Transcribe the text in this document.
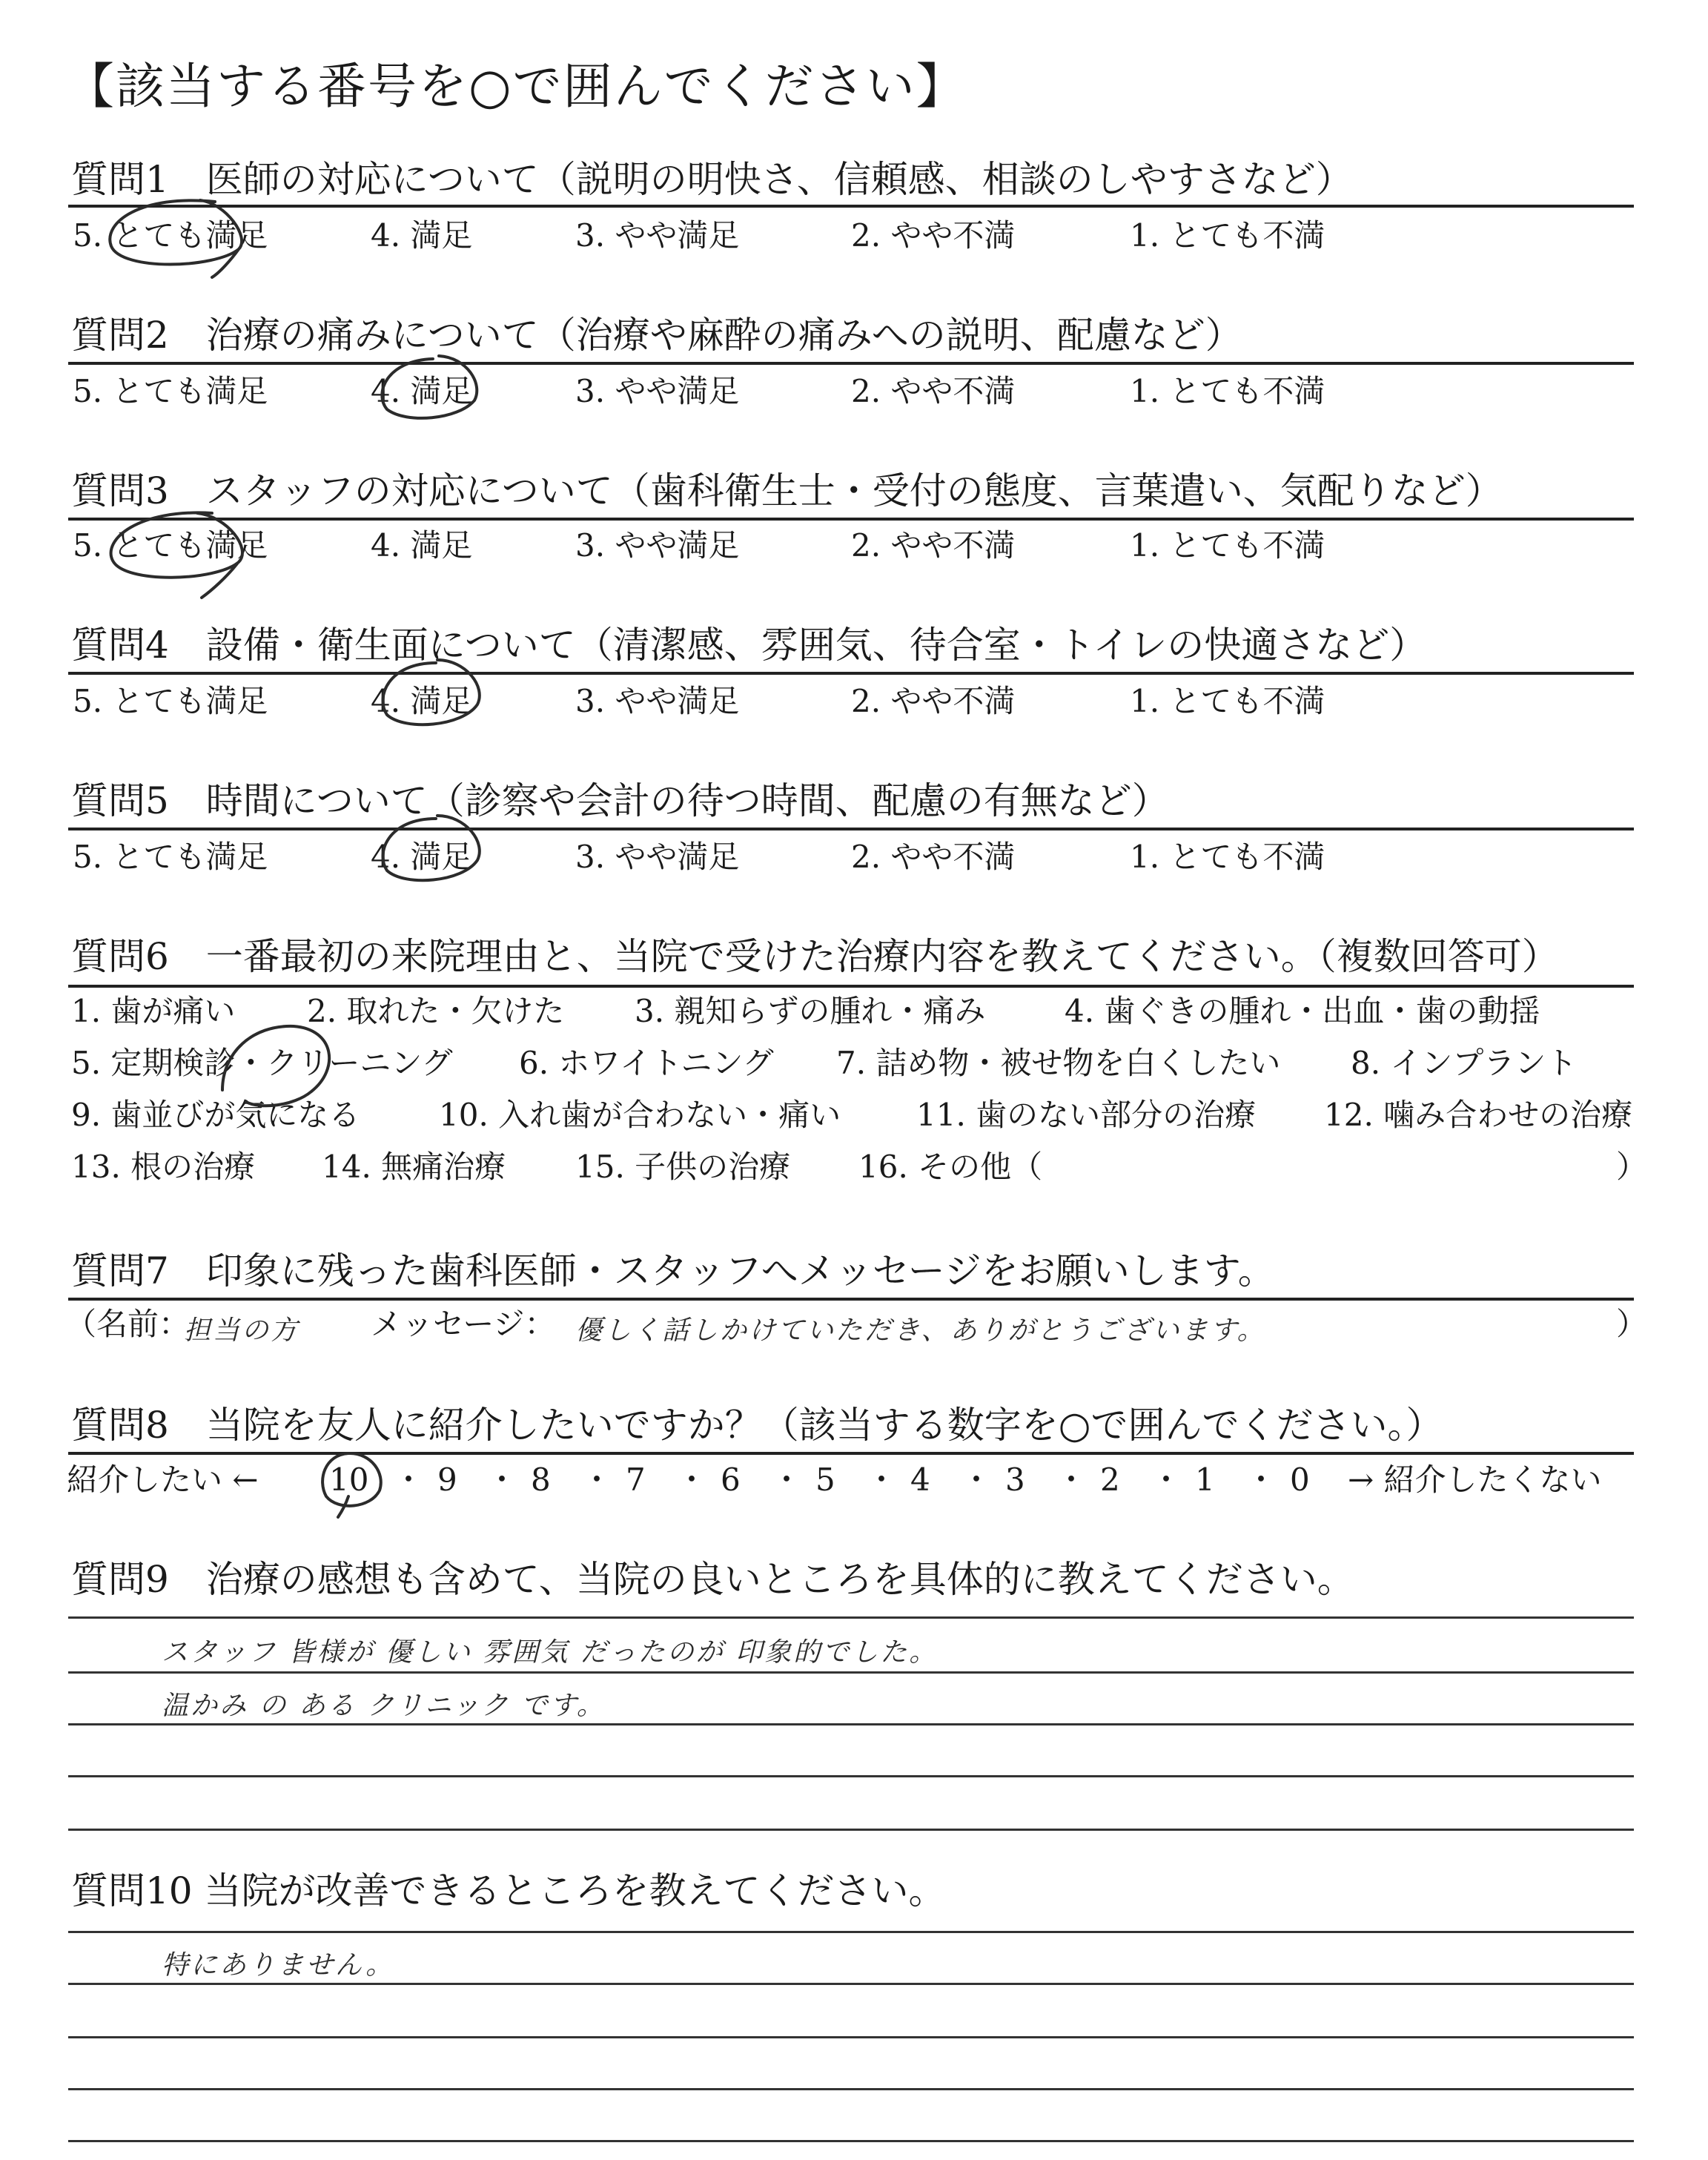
【該当する番号を○で囲んでください】
質問1　医師の対応について（説明の明快さ、信頼感、相談のしやすさなど）
5. とても満足	4. 満足	3. やや満足	2. やや不満	1. とても不満
質問2　治療の痛みについて（治療や麻酔の痛みへの説明、配慮など）
5. とても満足	4. 満足	3. やや満足	2. やや不満	1. とても不満
質問3　スタッフの対応について（歯科衛生士・受付の態度、言葉遣い、気配りなど）
5. とても満足	4. 満足	3. やや満足	2. やや不満	1. とても不満
質問4　設備・衛生面について（清潔感、雰囲気、待合室・トイレの快適さなど）
5. とても満足	4. 満足	3. やや満足	2. やや不満	1. とても不満
質問5　時間について（診察や会計の待つ時間、配慮の有無など）
5. とても満足	4. 満足	3. やや満足	2. やや不満	1. とても不満
質問6　一番最初の来院理由と、当院で受けた治療内容を教えてください。（複数回答可）
1. 歯が痛い 2. 取れた・欠けた 3. 親知らずの腫れ・痛み	4. 歯ぐきの腫れ・出血・歯の動揺
5. 定期検診・クリーニング 6. ホワイトニング 7. 詰め物・被せ物を白くしたい 8. インプラント
9. 歯並びが気になる	10. 入れ歯が合わない・痛い 11. 歯のない部分の治療 12. 噛み合わせの治療
13. 根の治療 14. 無痛治療 15. 子供の治療 16. その他（	）
質問7　印象に残った歯科医師・スタッフへメッセージをお願いします。
（名前：
担当の方 メッセージ： 優しく話しかけていただき、ありがとうございます。	）
質問8　当院を友人に紹介したいですか？（該当する数字を○で囲んでください。）
紹介したい ← 10 ・ 9 ・ 8 ・ 7 ・ 6 ・ 5 ・ 4 ・ 3 ・ 2 ・ 1 ・ 0 → 紹介したくない
質問9　治療の感想も含めて、当院の良いところを具体的に教えてください。
スタッフ 皆様が 優しい 雰囲気 だったのが 印象的でした。
温かみ の ある クリニック です。
質問10 当院が改善できるところを教えてください。
特にありません。
